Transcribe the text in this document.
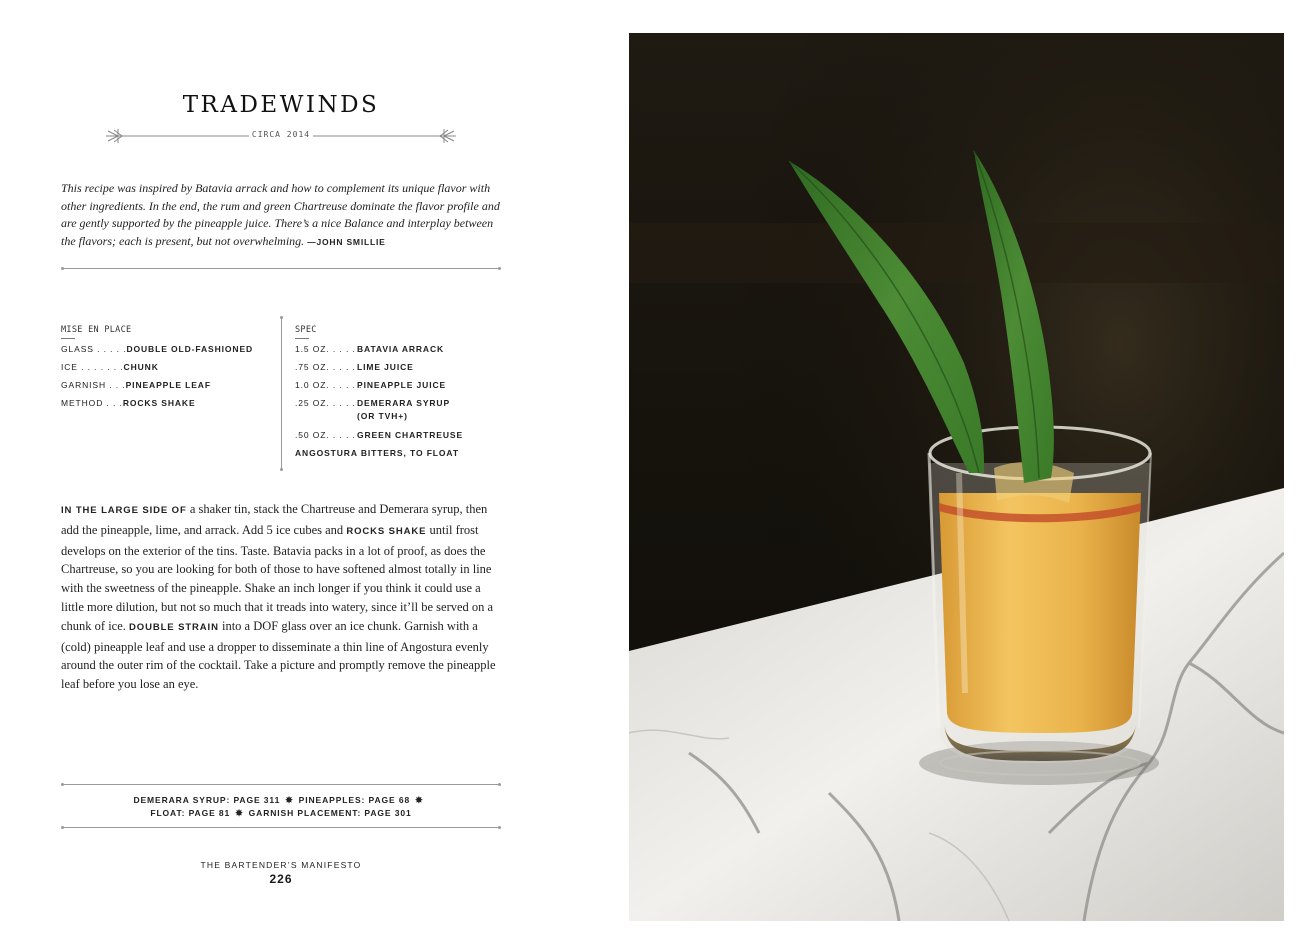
TRADEWINDS
CIRCA 2014
This recipe was inspired by Batavia arrack and how to complement its unique flavor with other ingredients. In the end, the rum and green Chartreuse dominate the flavor profile and are gently supported by the pineapple juice. There’s a nice Balance and interplay between the flavors; each is present, but not overwhelming. —JOHN SMILLIE
MISE EN PLACE
GLASS . . . . .DOUBLE OLD-FASHIONED
ICE . . . . . . .CHUNK
GARNISH . . .PINEAPPLE LEAF
METHOD . . .ROCKS SHAKE
SPEC
1.5 OZ. . . . . .BATAVIA ARRACK
.75 OZ. . . . . .LIME JUICE
1.0 OZ. . . . . .PINEAPPLE JUICE
.25 OZ. . . . . .DEMERARA SYRUP
(OR TVH+)
.50 OZ. . . . . .GREEN CHARTREUSE
ANGOSTURA BITTERS, TO FLOAT
IN THE LARGE SIDE OF a shaker tin, stack the Chartreuse and Demerara syrup, then add the pineapple, lime, and arrack. Add 5 ice cubes and ROCKS SHAKE until frost develops on the exterior of the tins. Taste. Batavia packs in a lot of proof, as does the Chartreuse, so you are looking for both of those to have softened almost totally in line with the sweetness of the pineapple. Shake an inch longer if you think it could use a little more dilution, but not so much that it treads into watery, since it’ll be served on a chunk of ice. DOUBLE STRAIN into a DOF glass over an ice chunk. Garnish with a (cold) pineapple leaf and use a dropper to disseminate a thin line of Angostura evenly around the outer rim of the cocktail. Take a picture and promptly remove the pineapple leaf before you lose an eye.
DEMERARA SYRUP: PAGE 311 ✸ PINEAPPLES: PAGE 68 ✸
FLOAT: PAGE 81 ✸ GARNISH PLACEMENT: PAGE 301
THE BARTENDER’S MANIFESTO
226
